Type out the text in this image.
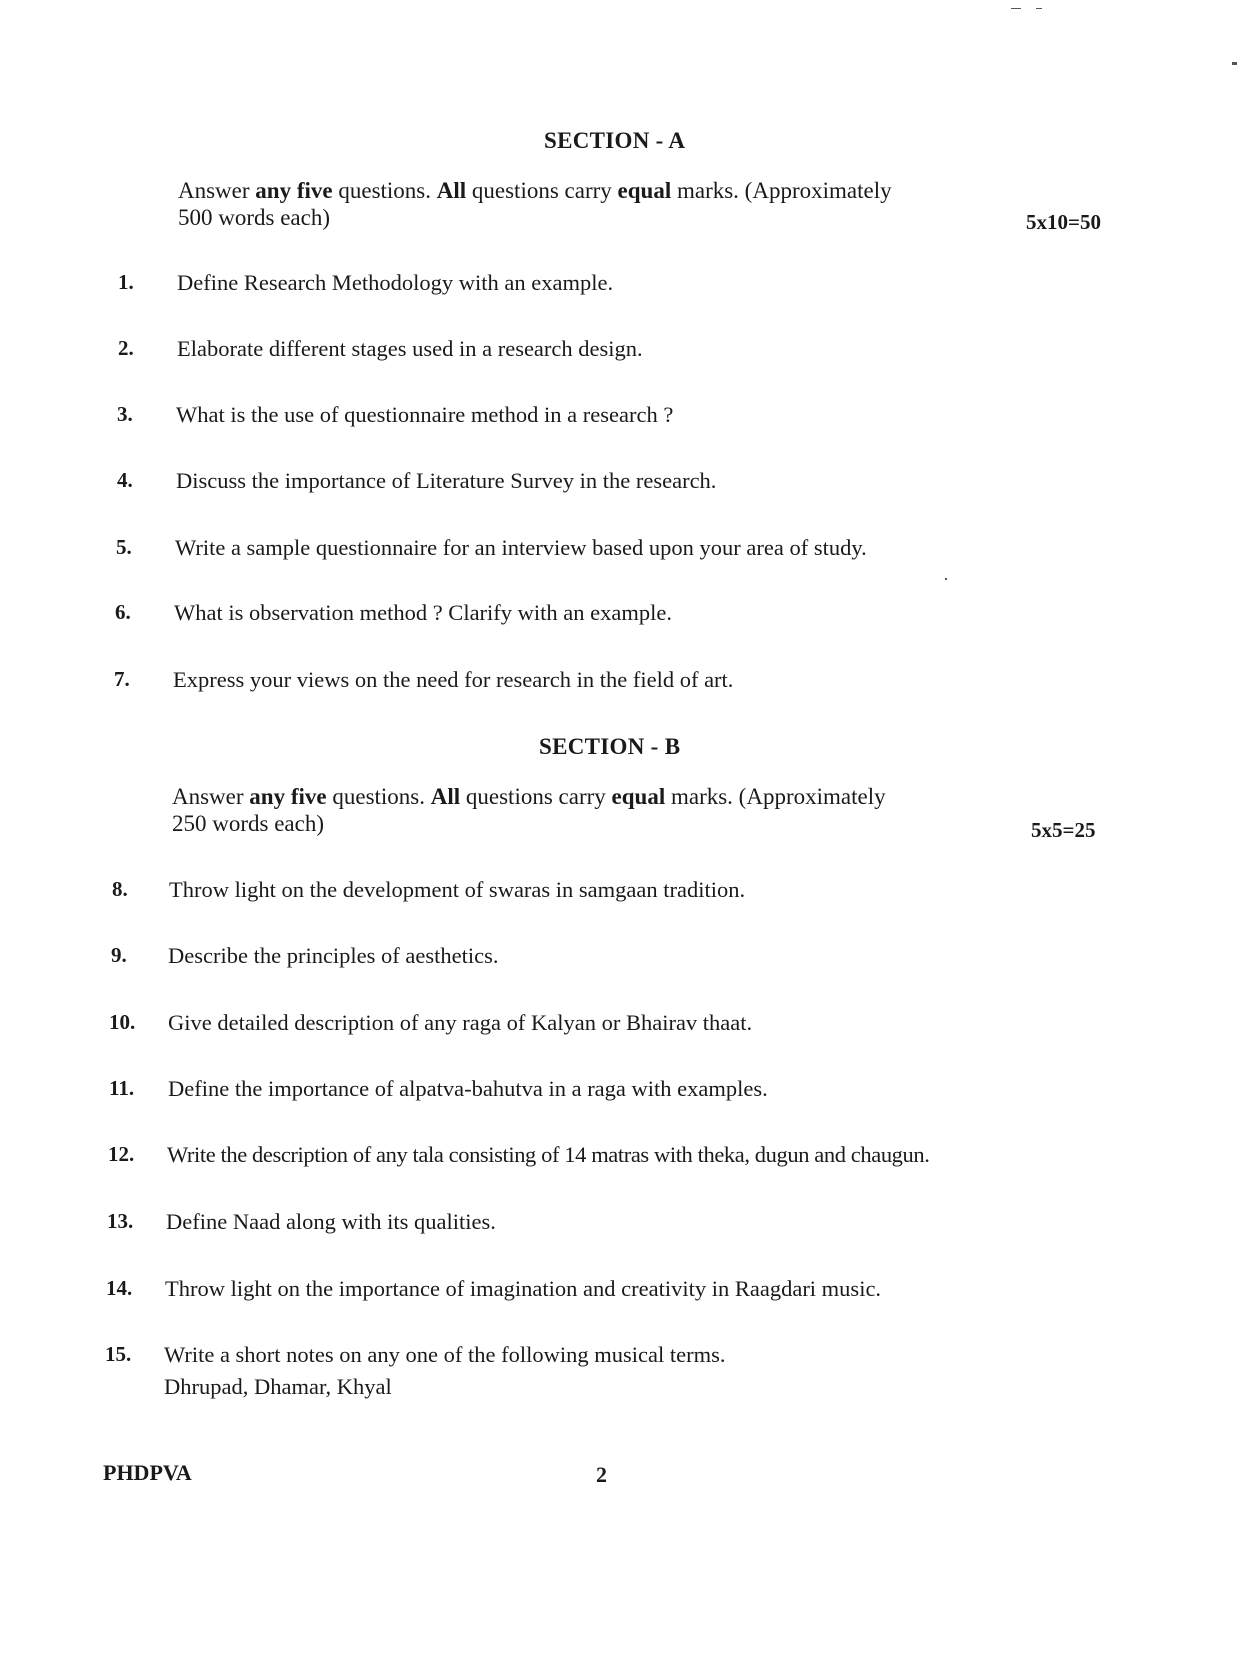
SECTION - A
Answer any five questions. All questions carry equal marks. (Approximately
500 words each)	5x10=50
1. Define Research Methodology with an example.
2. Elaborate different stages used in a research design.
3. What is the use of questionnaire method in a research ?
4. Discuss the importance of Literature Survey in the research.
5. Write a sample questionnaire for an interview based upon your area of study.
6. What is observation method ? Clarify with an example.
7. Express your views on the need for research in the field of art.
SECTION - B
Answer any five questions. All questions carry equal marks. (Approximately
250 words each)	5x5=25
8. Throw light on the development of swaras in samgaan tradition.
9. Describe the principles of aesthetics.
10. Give detailed description of any raga of Kalyan or Bhairav thaat.
11. Define the importance of alpatva-bahutva in a raga with examples.
12. Write the description of any tala consisting of 14 matras with theka, dugun and chaugun.
13. Define Naad along with its qualities.
14. Throw light on the importance of imagination and creativity in Raagdari music.
15. Write a short notes on any one of the following musical terms.
Dhrupad, Dhamar, Khyal
PHDPVA	2
